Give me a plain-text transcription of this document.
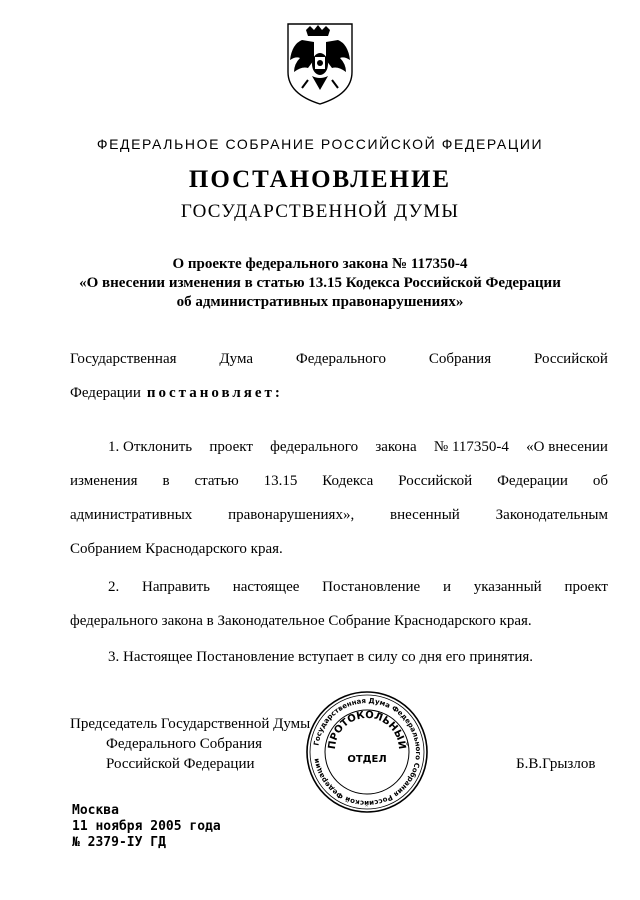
ФЕДЕРАЛЬНОЕ СОБРАНИЕ РОССИЙСКОЙ ФЕДЕРАЦИИ
ПОСТАНОВЛЕНИЕ
ГОСУДАРСТВЕННОЙ ДУМЫ
О проекте федерального закона № 117350-4
«О внесении изменения в статью 13.15 Кодекса Российской Федерации
об административных правонарушениях»
Государственная	Дума	Федерального	Собрания	Российской
Федерации постановляет:
1. Отклонить проект федерального закона № 117350-4 «О внесении
изменения в статью 13.15 Кодекса Российской Федерации об
административных правонарушениях», внесенный Законодательным
Собранием Краснодарского края.
2. Направить настоящее Постановление и указанный проект
федерального закона в Законодательное Собрание Краснодарского края.
3. Настоящее Постановление вступает в силу со дня его принятия.
Председатель Государственной Думы
Федерального Собрания
Российской Федерации	Б.В.Грызлов
Государственная Дума Федерального Собрания Российской Федерации
ПРОТОКОЛЬНЫЙ
ОТДЕЛ
Москва
11 ноября 2005 года
№ 2379-IУ ГД
